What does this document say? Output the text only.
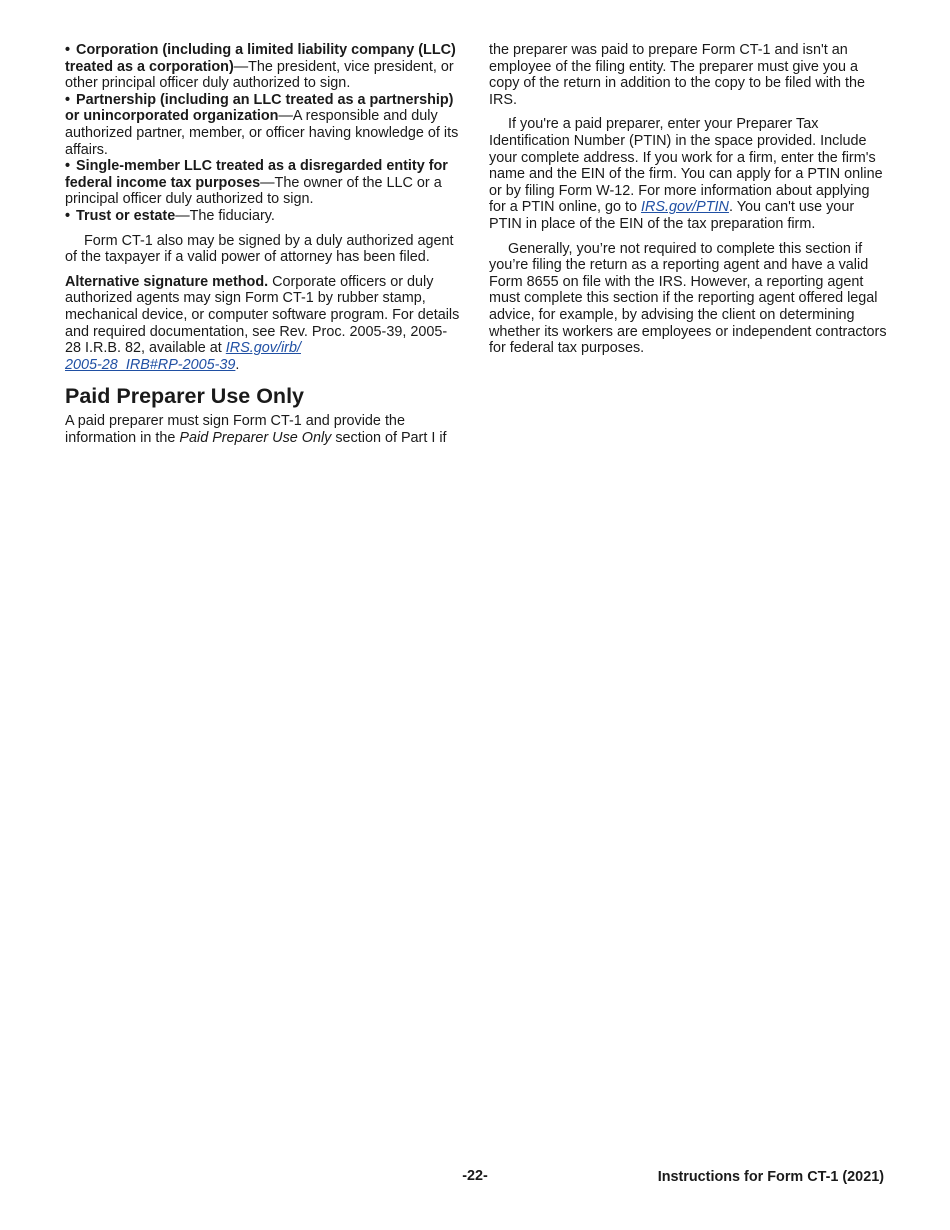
• Corporation (including a limited liability company (LLC) treated as a corporation)—The president, vice president, or other principal officer duly authorized to sign.

• Partnership (including an LLC treated as a partnership) or unincorporated organization—A responsible and duly authorized partner, member, or officer having knowledge of its affairs.

• Single-member LLC treated as a disregarded entity for federal income tax purposes—The owner of the LLC or a principal officer duly authorized to sign.

• Trust or estate—The fiduciary.

Form CT-1 also may be signed by a duly authorized agent of the taxpayer if a valid power of attorney has been filed.

Alternative signature method. Corporate officers or duly authorized agents may sign Form CT-1 by rubber stamp, mechanical device, or computer software program. For details and required documentation, see Rev. Proc. 2005-39, 2005-28 I.R.B. 82, available at IRS.gov/irb/
2005-28_IRB#RP-2005-39.

Paid Preparer Use Only

A paid preparer must sign Form CT-1 and provide the information in the Paid Preparer Use Only section of Part I if

the preparer was paid to prepare Form CT-1 and isn't an employee of the filing entity. The preparer must give you a copy of the return in addition to the copy to be filed with the IRS.

If you're a paid preparer, enter your Preparer Tax Identification Number (PTIN) in the space provided. Include your complete address. If you work for a firm, enter the firm's name and the EIN of the firm. You can apply for a PTIN online or by filing Form W-12. For more information about applying for a PTIN online, go to IRS.gov/PTIN. You can't use your PTIN in place of the EIN of the tax preparation firm.

Generally, you’re not required to complete this section if you’re filing the return as a reporting agent and have a valid Form 8655 on file with the IRS. However, a reporting agent must complete this section if the reporting agent offered legal advice, for example, by advising the client on determining whether its workers are employees or independent contractors for federal tax purposes.

-22-	Instructions for Form CT-1 (2021)
